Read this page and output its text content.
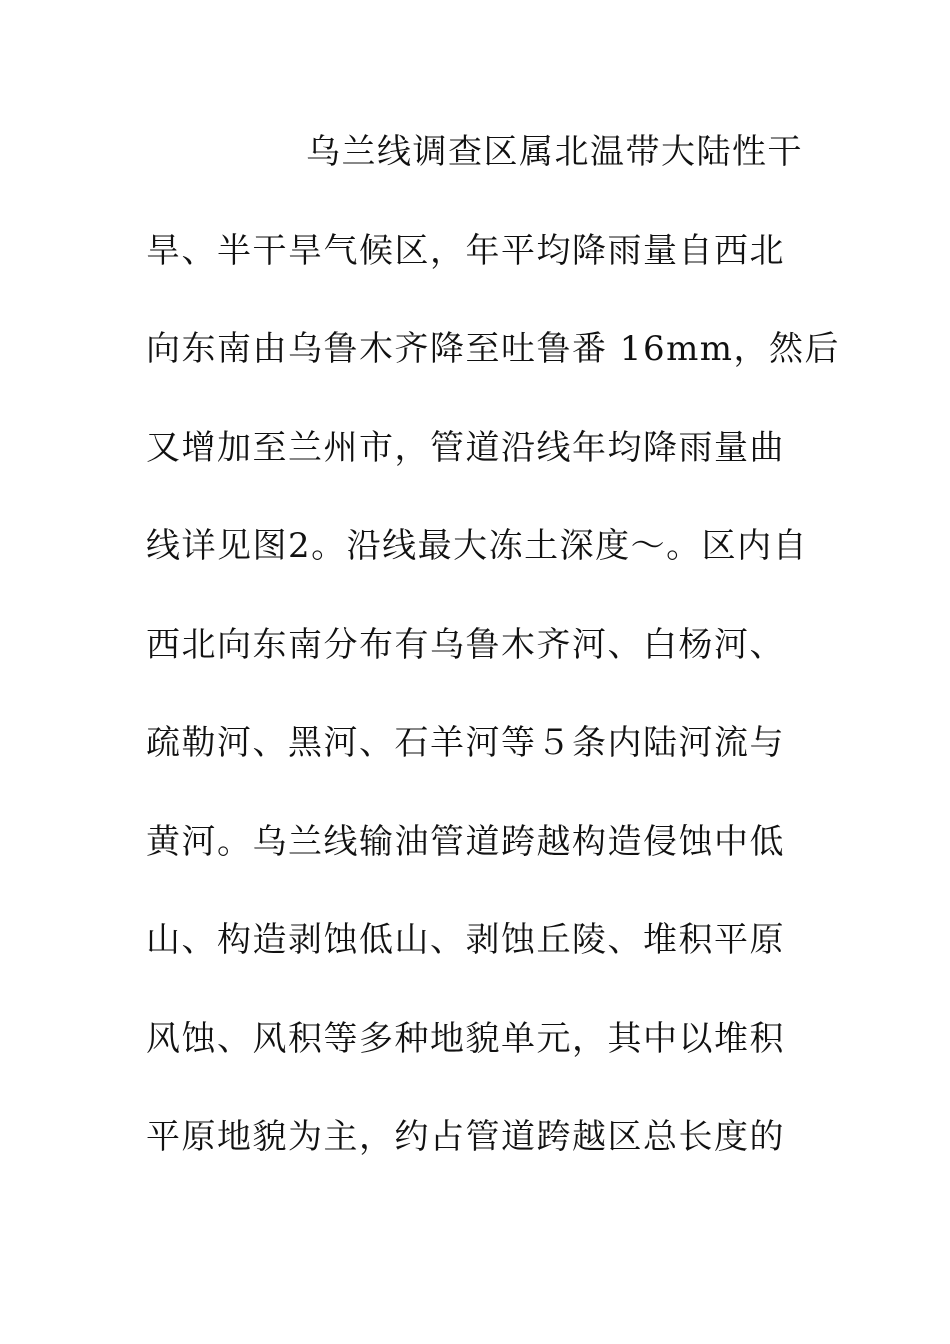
乌兰线调查区属北温带大陆性干
旱、半干旱气候区，年平均降雨量自西北
向东南由乌鲁木齐降至吐鲁番 16mm，然后
又增加至兰州市，管道沿线年均降雨量曲
线详见图2。沿线最大冻土深度～。区内自
西北向东南分布有乌鲁木齐河、白杨河、
疏勒河、黑河、石羊河等５条内陆河流与
黄河。乌兰线输油管道跨越构造侵蚀中低
山、构造剥蚀低山、剥蚀丘陵、堆积平原
风蚀、风积等多种地貌单元，其中以堆积
平原地貌为主，约占管道跨越区总长度的
